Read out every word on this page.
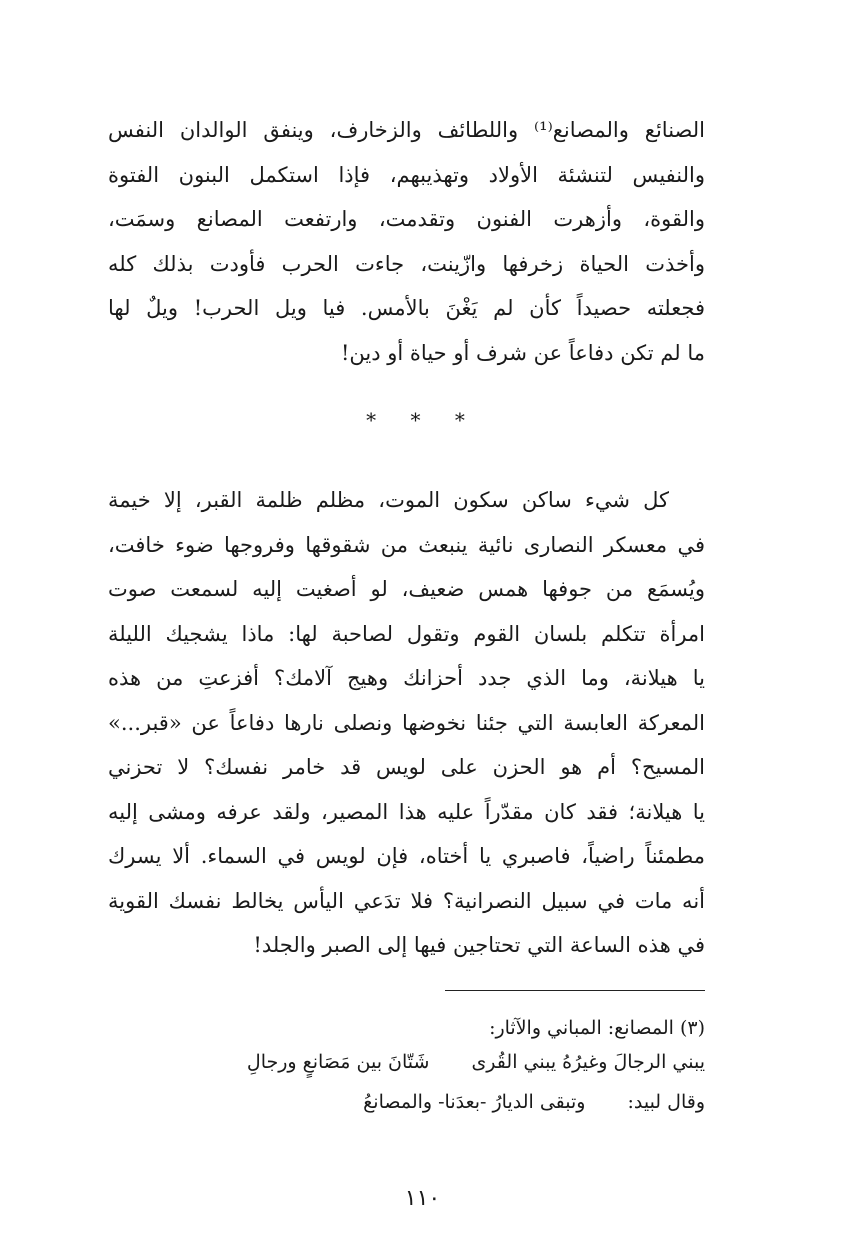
الصنائع والمصانع⁽¹⁾ واللطائف والزخارف، وينفق الوالدان النفس
والنفيس لتنشئة الأولاد وتهذيبهم، فإذا استكمل البنون الفتوة
والقوة، وأزهرت الفنون وتقدمت، وارتفعت المصانع وسمَت،
وأخذت الحياة زخرفها وازّينت، جاءت الحرب فأودت بذلك كله
فجعلته حصيداً كأن لم يَغْنَ بالأمس. فيا ويل الحرب! ويلٌ لها
ما لم تكن دفاعاً عن شرف أو حياة أو دين!
* * *
كل شيء ساكن سكون الموت، مظلم ظلمة القبر، إلا خيمة
في معسكر النصارى نائية ينبعث من شقوقها وفروجها ضوء خافت،
ويُسمَع من جوفها همس ضعيف، لو أصغيت إليه لسمعت صوت
امرأة تتكلم بلسان القوم وتقول لصاحبة لها: ماذا يشجيك الليلة
يا هيلانة، وما الذي جدد أحزانك وهيج آلامك؟ أفزعتِ من هذه
المعركة العابسة التي جئنا نخوضها ونصلى نارها دفاعاً عن «قبر...»
المسيح؟ أم هو الحزن على لويس قد خامر نفسك؟ لا تحزني
يا هيلانة؛ فقد كان مقدّراً عليه هذا المصير، ولقد عرفه ومشى إليه
مطمئناً راضياً، فاصبري يا أختاه، فإن لويس في السماء. ألا يسرك
أنه مات في سبيل النصرانية؟ فلا تدَعي اليأس يخالط نفسك القوية
في هذه الساعة التي تحتاجين فيها إلى الصبر والجلد!
(٣) المصانع: المباني والآثار:
يبني الرجالَ وغيرُهُ يبني القُرىشَتّانَ بين مَصَانعٍ ورجالِ
وقال لبيد:وتبقى الديارُ -بعدَنا- والمصانعُ
١١٠
